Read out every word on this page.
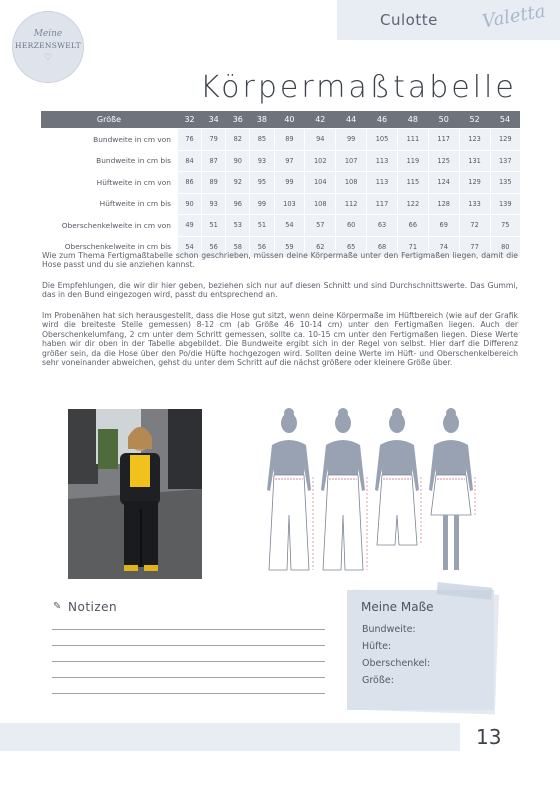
Culotte Valetta
Meine
HERZENSWELT
♡
Körpermaßtabelle
Größe	32	34	36	38	40	42	44	46	48	50	52	54
Bundweite in cm von	76	79	82	85	89	94	99	105	111	117	123	129
Bundweite in cm bis	84	87	90	93	97	102	107	113	119	125	131	137
Hüftweite in cm von	86	89	92	95	99	104	108	113	115	124	129	135
Hüftweite in cm bis	90	93	96	99	103	108	112	117	122	128	133	139
Oberschenkelweite in cm von	49	51	53	51	54	57	60	63	66	69	72	75
Oberschenkelweite in cm bis	54	56	58	56	59	62	65	68	71	74	77	80
Wie zum Thema Fertigmaßtabelle schon geschrieben, müssen deine Körpermaße unter den Fertigmaßen liegen, damit die Hose passt und du sie anziehen kannst.
Die Empfehlungen, die wir dir hier geben, beziehen sich nur auf diesen Schnitt und sind Durchschnittswerte. Das Gummi, das in den Bund eingezogen wird, passt du entsprechend an.
Im Probenähen hat sich herausgestellt, dass die Hose gut sitzt, wenn deine Körpermaße im Hüftbereich (wie auf der Grafik wird die breiteste Stelle gemessen) 8-12 cm (ab Größe 46 10-14 cm) unter den Fertigmaßen liegen. Auch der Oberschenkelumfang, 2 cm unter dem Schritt gemessen, sollte ca. 10-15 cm unter den Fertigmaßen liegen. Diese Werte haben wir dir oben in der Tabelle abgebildet. Die Bundweite ergibt sich in der Regel von selbst. Hier darf die Differenz größer sein, da die Hose über den Po/die Hüfte hochgezogen wird. Sollten deine Werte im Hüft- und Oberschenkelbereich sehr voneinander abweichen, gehst du unter dem Schritt auf die nächst größere oder kleinere Größe über.
✎ Notizen	Meine Maße
Bundweite:
Hüfte:
Oberschenkel:
Größe:
13
